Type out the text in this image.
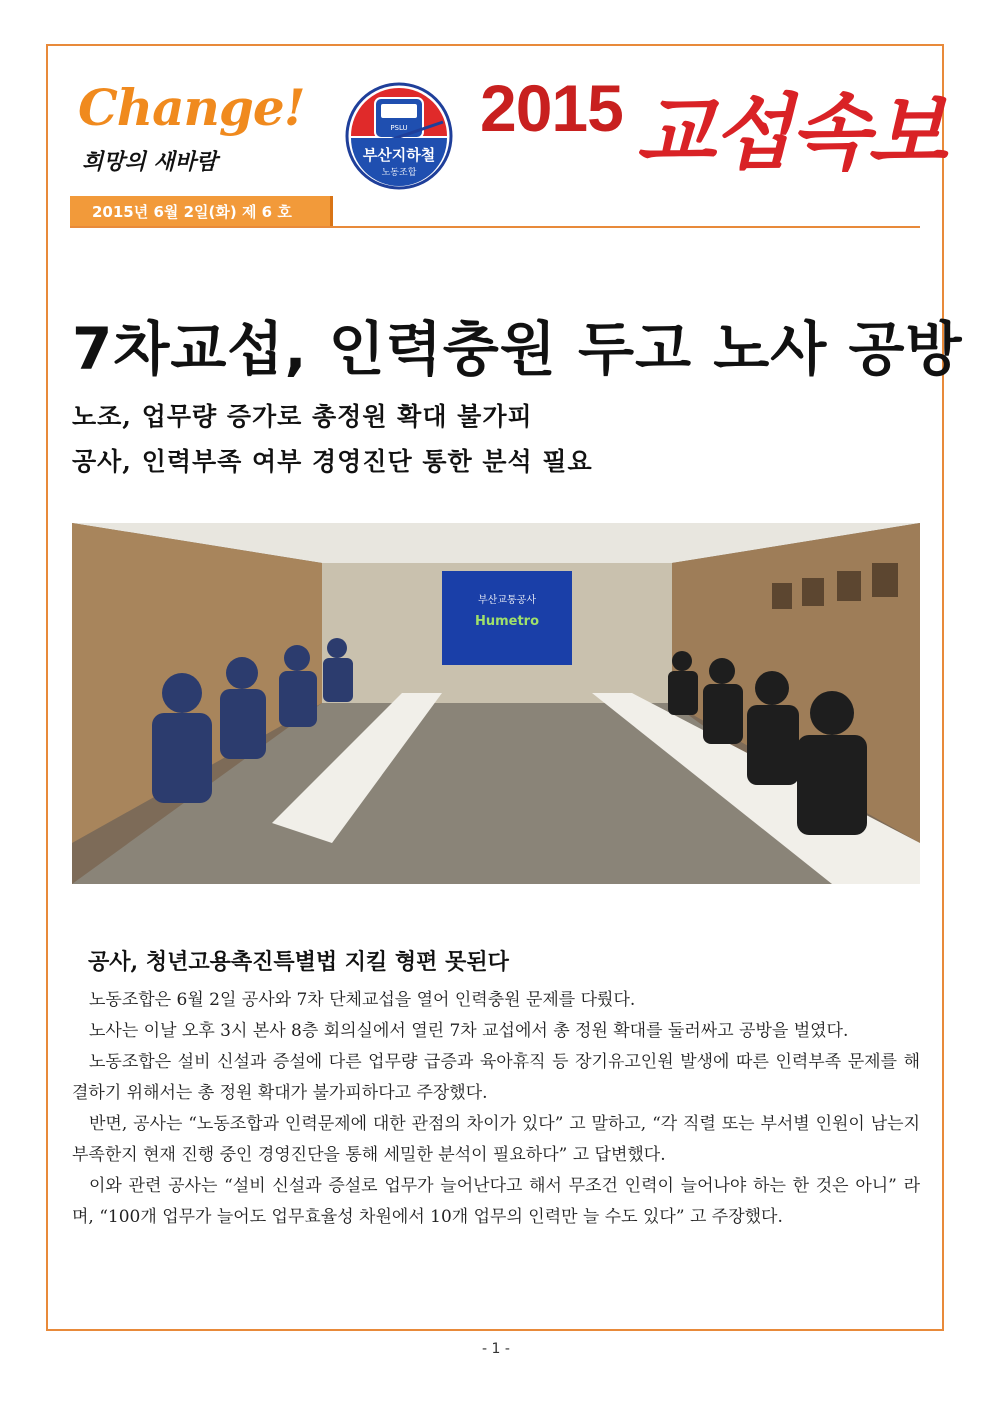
Change!
희망의 새바람
PSLU
부산지하철
노동조합
2015 교섭속보
2015년 6월 2일(화) 제 6 호
7차교섭, 인력충원 두고 노사 공방
노조, 업무량 증가로 총정원 확대 불가피
공사, 인력부족 여부 경영진단 통한 분석 필요
부산교통공사
Humetro
공사, 청년고용촉진특별법 지킬 형편 못된다

노동조합은 6월 2일 공사와 7차 단체교섭을 열어 인력충원 문제를 다뤘다.

노사는 이날 오후 3시 본사 8층 회의실에서 열린 7차 교섭에서 총 정원 확대를 둘러싸고 공방을 벌였다.

노동조합은 설비 신설과 증설에 다른 업무량 급증과 육아휴직 등 장기유고인원 발생에 따른 인력부족 문제를 해결하기 위해서는 총 정원 확대가 불가피하다고 주장했다.

반면, 공사는 “노동조합과 인력문제에 대한 관점의 차이가 있다” 고 말하고, “각 직렬 또는 부서별 인원이 남는지 부족한지 현재 진행 중인 경영진단을 통해 세밀한 분석이 필요하다” 고 답변했다.

이와 관련 공사는 “설비 신설과 증설로 업무가 늘어난다고 해서 무조건 인력이 늘어나야 하는 한 것은 아니” 라며, “100개 업무가 늘어도 업무효율성 차원에서 10개 업무의 인력만 늘 수도 있다” 고 주장했다.

- 1 -
